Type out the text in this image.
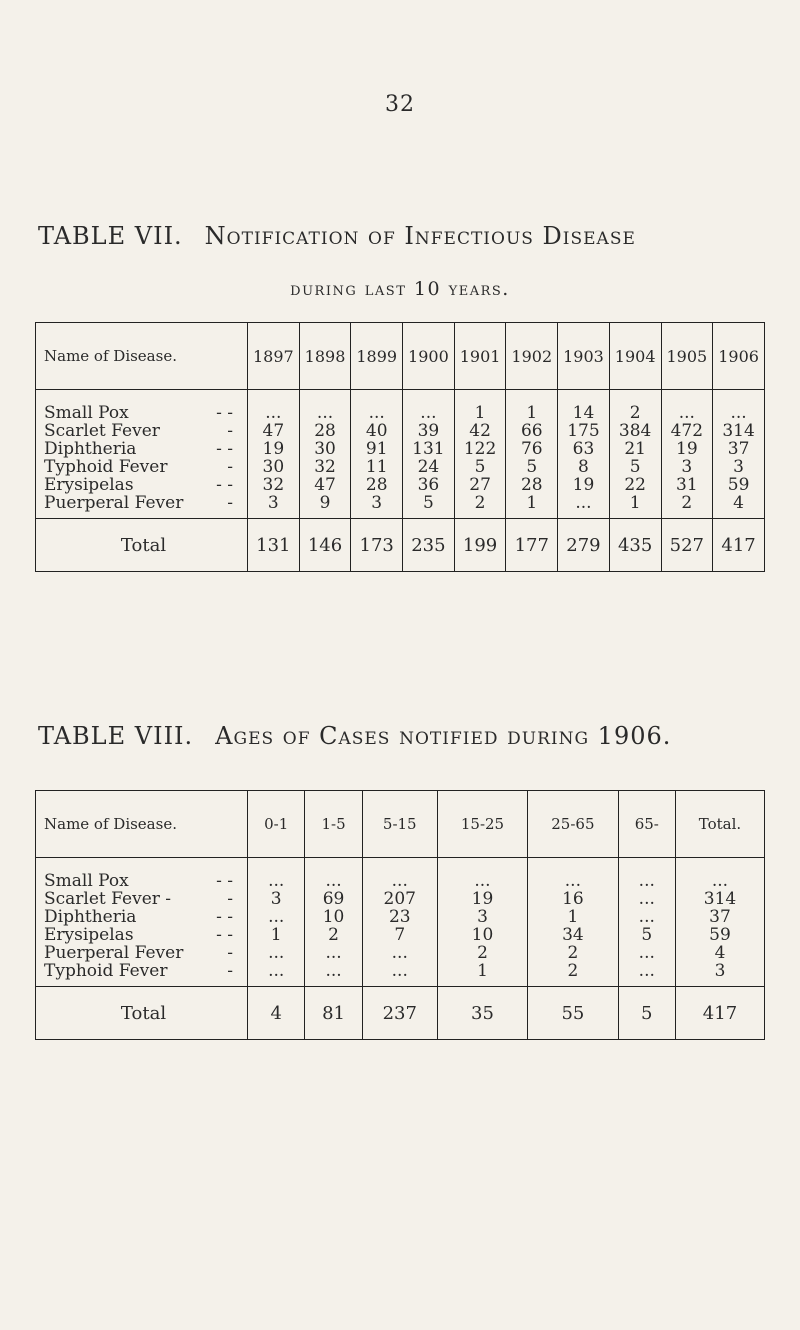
32
TABLE VII. Notification of Infectious Disease
during last 10 years.
Name of Disease.	1897	1898	1899	1900	1901	1902	1903	1904	1905	1906
Small Pox - -	...	...	...	...	1	1	14	2	...	...
Scarlet Fever -	47	28	40	39	42	66	175	384	472	314
Diphtheria - -	19	30	91	131	122	76	63	21	19	37
Typhoid Fever -	30	32	11	24	5	5	8	5	3	3
Erysipelas - -	32	47	28	36	27	28	19	22	31	59
Puerperal Fever -	3	9	3	5	2	1	...	1	2	4
Total	131	146	173	235	199	177	279	435	527	417
TABLE VIII. Ages of Cases notified during 1906.
Name of Disease.	0-1	1-5	5-15	15-25	25-65	65-	Total.
Small Pox - -	...	...	...	...	...	...	...
Scarlet Fever - -	3	69	207	19	16	...	314
Diphtheria - -	...	10	23	3	1	...	37
Erysipelas - -	1	2	7	10	34	5	59
Puerperal Fever -	...	...	...	2	2	...	4
Typhoid Fever -	...	...	...	1	2	...	3
Total	4	81	237	35	55	5	417
